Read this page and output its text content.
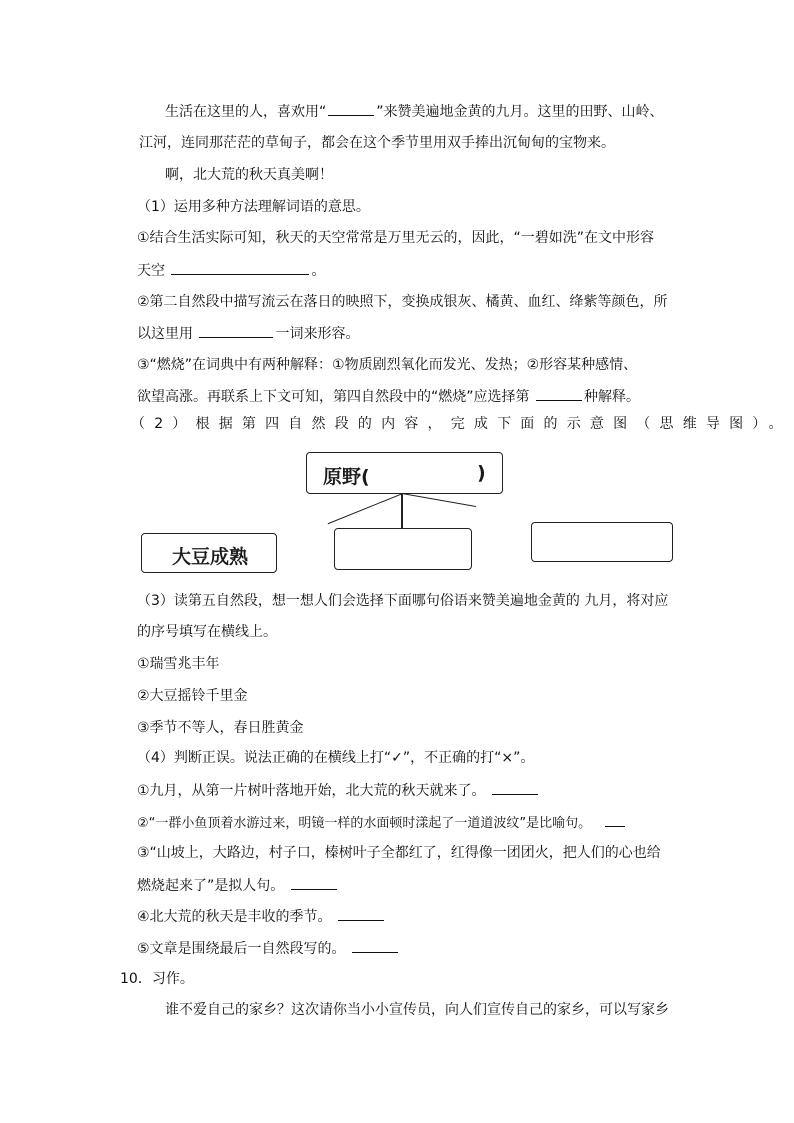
生活在这里的人，喜欢用“	”来赞美遍地金黄的九月。这里的田野、山岭、
江河，连同那茫茫的草甸子，都会在这个季节里用双手捧出沉甸甸的宝物来。
啊，北大荒的秋天真美啊！
（1）运用多种方法理解词语的意思。
①结合生活实际可知，秋天的天空常常是万里无云的，因此，“一碧如洗”在文中形容
天空	。
②第二自然段中描写流云在落日的映照下，变换成银灰、橘黄、血红、绛紫等颜色，所
以这里用	一词来形容。
③“燃烧”在词典中有两种解释：①物质剧烈氧化而发光、发热；②形容某种感情、
欲望高涨。再联系上下文可知，第四自然段中的“燃烧”应选择第	种解释。
（2）根据第四自然段的内容，完成下面的示意图（思维导图）。
原野(	)
大豆成熟
（3）读第五自然段，想一想人们会选择下面哪句俗语来赞美遍地金黄的 九月，将对应
的序号填写在横线上。
①瑞雪兆丰年
②大豆摇铃千里金
③季节不等人，春日胜黄金
（4）判断正误。说法正确的在横线上打“✓”，不正确的打“×”。
①九月，从第一片树叶落地开始，北大荒的秋天就来了。
②“一群小鱼顶着水游过来，明镜一样的水面顿时漾起了一道道波纹”是比喻句。
③“山坡上，大路边，村子口，榛树叶子全都红了，红得像一团团火，把人们的心也给
燃烧起来了”是拟人句。
④北大荒的秋天是丰收的季节。
⑤文章是围绕最后一自然段写的。
10．习作。
谁不爱自己的家乡？这次请你当小小宣传员，向人们宣传自己的家乡，可以写家乡
